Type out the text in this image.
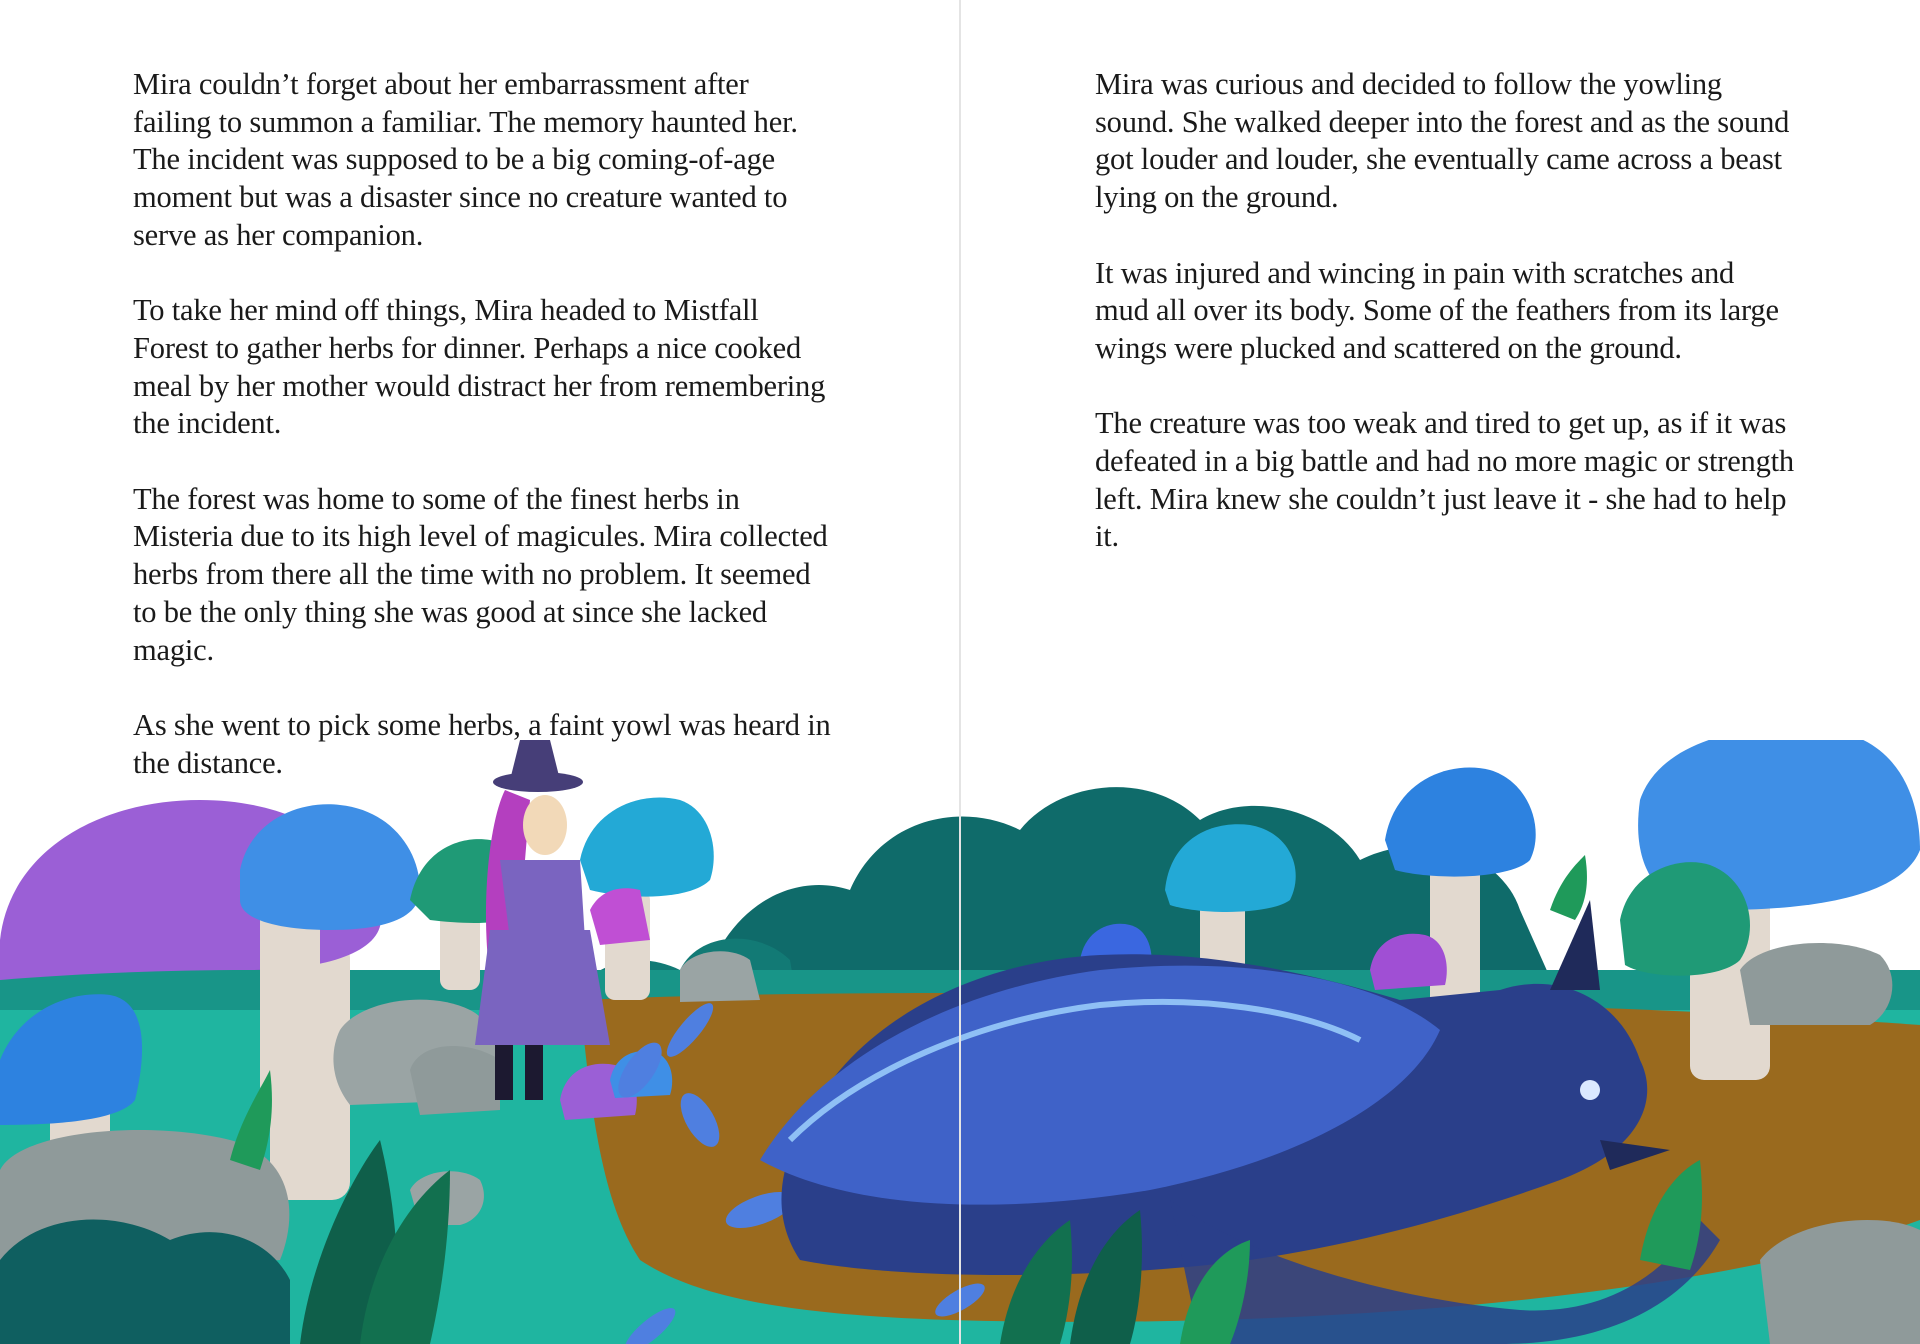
Mira couldn’t forget about her embarrassment after failing to summon a familiar. The memory haunted her. The incident was supposed to be a big coming-of-age moment but was a disaster since no creature wanted to serve as her companion.

To take her mind off things, Mira headed to Mistfall Forest to gather herbs for dinner. Perhaps a nice cooked meal by her mother would distract her from remembering the incident.

The forest was home to some of the finest herbs in Misteria due to its high level of magicules. Mira collected herbs from there all the time with no problem. It seemed to be the only thing she was good at since she lacked magic.

As she went to pick some herbs, a faint yowl was heard in the distance.

Mira was curious and decided to follow the yowling sound. She walked deeper into the forest and as the sound got louder and louder, she eventually came across a beast lying on the ground.

It was injured and wincing in pain with scratches and mud all over its body. Some of the feathers from its large wings were plucked and scattered on the ground.

The creature was too weak and tired to get up, as if it was defeated in a big battle and had no more magic or strength left. Mira knew she couldn’t just leave it - she had to help it.
